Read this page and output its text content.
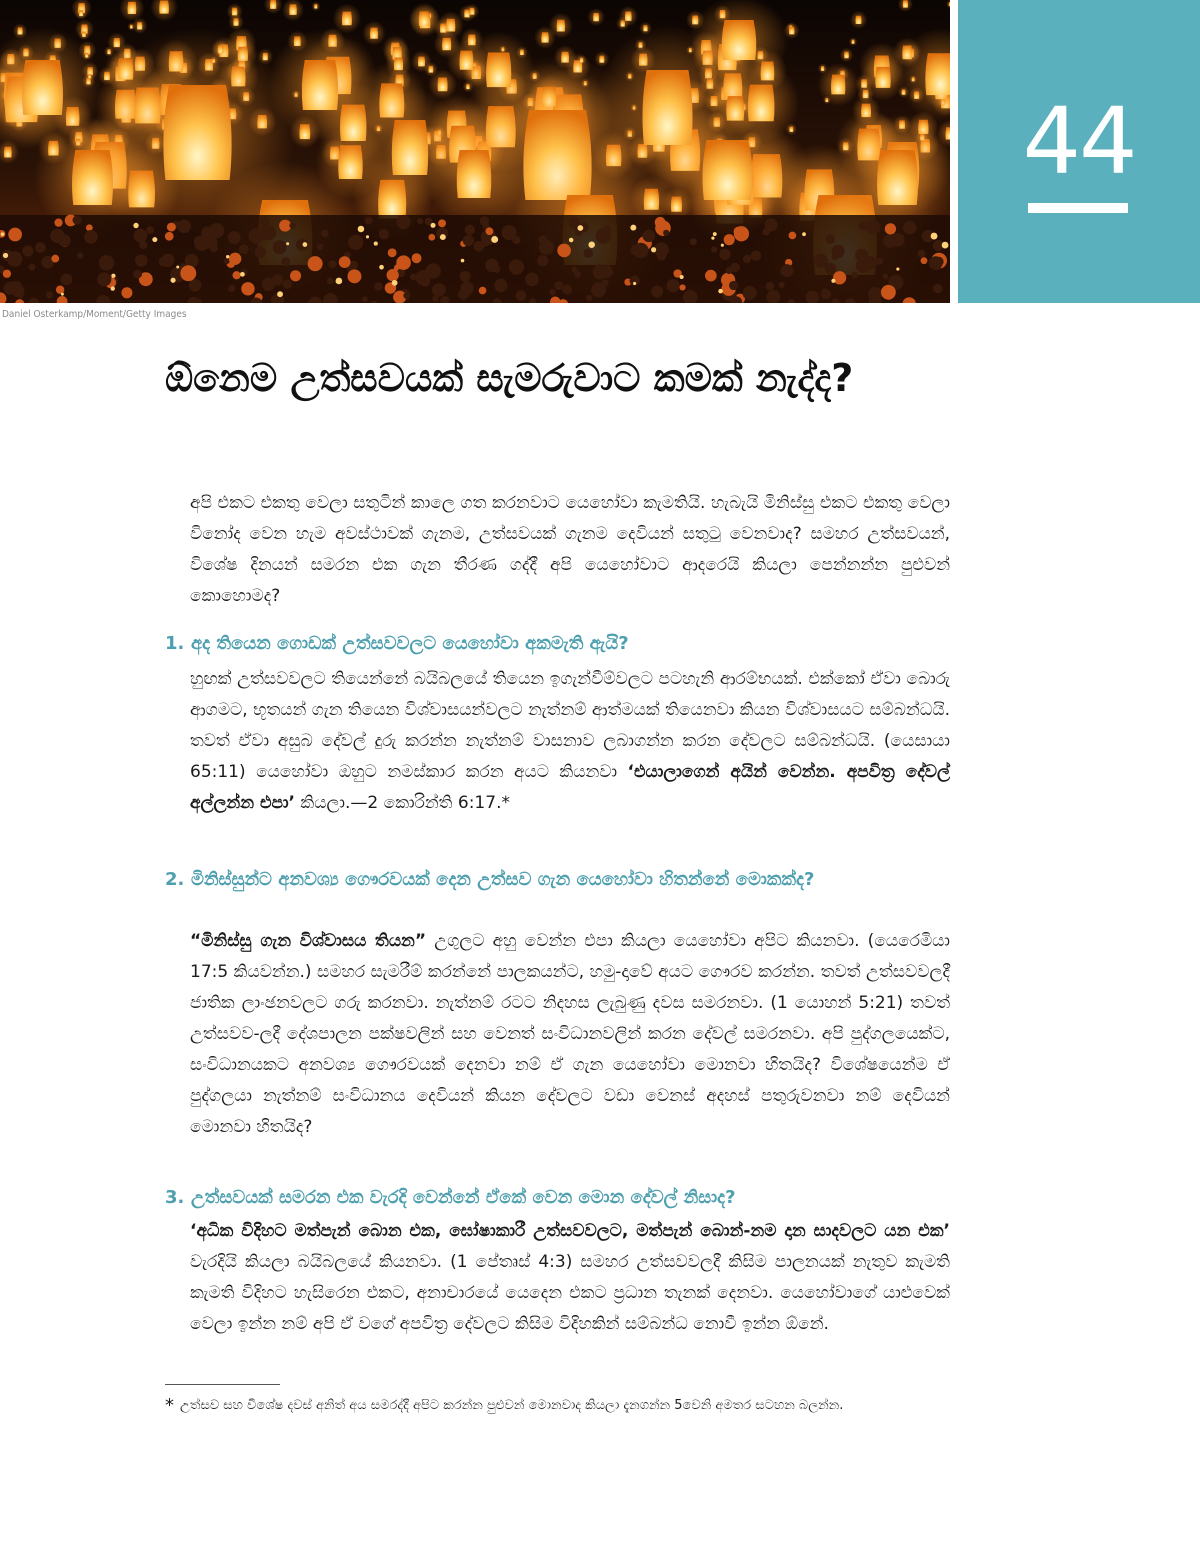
44
Daniel Osterkamp/Moment/Getty Images
ඕනෙම උත්සවයක් සැමරුවාට කමක් නැද්ද?

අපි එකට එකතු වෙලා සතුටින් කාලෙ ගත කරනවාට යෙහෝවා කැමතියි. හැබැයි මිනිස්සු එකට එකතු වෙලා විනෝද වෙන හැම අවස්ථාවක් ගැනම, උත්සවයක් ගැනම දෙවියන් සතුටු වෙනවාද? සමහර උත්සවයන්, විශේෂ දිනයන් සමරන එක ගැන තීරණ ගද්දී අපි යෙහෝවාට ආදරෙයි කියලා පෙන්නන්න පුළුවන් කොහොමද?

1. අද තියෙන ගොඩක් උත්සවවලට යෙහෝවා අකමැති ඇයි?

හුඟක් උත්සවවලට තියෙන්නේ බයිබලයේ තියෙන ඉගැන්වීම්වලට පටහැනි ආරම්භයක්. එක්කෝ ඒවා බොරු ආගමට, භූතයන් ගැන තියෙන විශ්වාසයන්වලට නැත්නම් ආත්මයක් තියෙනවා කියන විශ්වාසයට සම්බන්ධයි. තවත් ඒවා අසුබ දේවල් දුරු කරන්න නැත්නම් වාසනාව ලබාගන්න කරන දේවලට සම්බන්ධයි. (යෙසායා 65:11) යෙහෝවා ඔහුට නමස්කාර කරන අයට කියනවා ‘එයාලාගෙන් අයින් වෙන්න. අපවිත්‍ර දේවල් අල්ලන්න එපා’ කියලා.—2 කොරින්ති 6:17.*

2. මිනිස්සුන්ට අනවශ්‍ය ගෞරවයක් දෙන උත්සව ගැන යෙහෝවා හිතන්නේ මොකක්ද?

“මිනිස්සු ගැන විශ්වාසය තියන” උගුලට අහු වෙන්න එපා කියලා යෙහෝවා අපිට කියනවා. (යෙරෙමියා 17:5 කියවන්න.) සමහර සැමරීම් කරන්නේ පාලකයන්ට, හමු-දාවේ අයට ගෞරව කරන්න. තවත් උත්සවවලදී ජාතික ලාංඡනවලට ගරු කරනවා. නැත්නම් රටට නිදහස ලැබුණු දවස සමරනවා. (1 යොහන් 5:21) තවත් උත්සවව-ලදී දේශපාලන පක්ෂවලින් සහ වෙනත් සංවිධානවලින් කරන දේවල් සමරනවා. අපි පුද්ගලයෙක්ට, සංවිධානයකට අනවශ්‍ය ගෞරවයක් දෙනවා නම් ඒ ගැන යෙහෝවා මොනවා හිතයිද? විශේෂයෙන්ම ඒ පුද්ගලයා නැත්නම් සංවිධානය දෙවියන් කියන දේවලට වඩා වෙනස් අදහස් පතුරුවනවා නම් දෙවියන් මොනවා හිතයිද?

3. උත්සවයක් සමරන එක වැරදි වෙන්නේ ඒකේ වෙන මොන දේවල් නිසාද?

‘අධික විදිහට මත්පැන් බොන එක, ඝෝෂාකාරී උත්සවවලට, මත්පැන් බොන්-නම දාන සාදවලට යන එක’ වැරදියි කියලා බයිබලයේ කියනවා. (1 පේතෘස් 4:3) සමහර උත්සවවලදී කිසිම පාලනයක් නැතුව කැමති කැමති විදිහට හැසිරෙන එකට, අනාචාරයේ යෙදෙන එකට ප්‍රධාන තැනක් දෙනවා. යෙහෝවාගේ යාළුවෙක් වෙලා ඉන්න නම් අපි ඒ වගේ අපවිත්‍ර දේවලට කිසිම විදිහකින් සම්බන්ධ නොවී ඉන්න ඕනේ.

* උත්සව සහ විශේෂ දවස් අනිත් අය සමරද්දී අපිට කරන්න පුළුවන් මොනවාද කියලා දැනගන්න 5වෙනි අමතර සටහන බලන්න.
